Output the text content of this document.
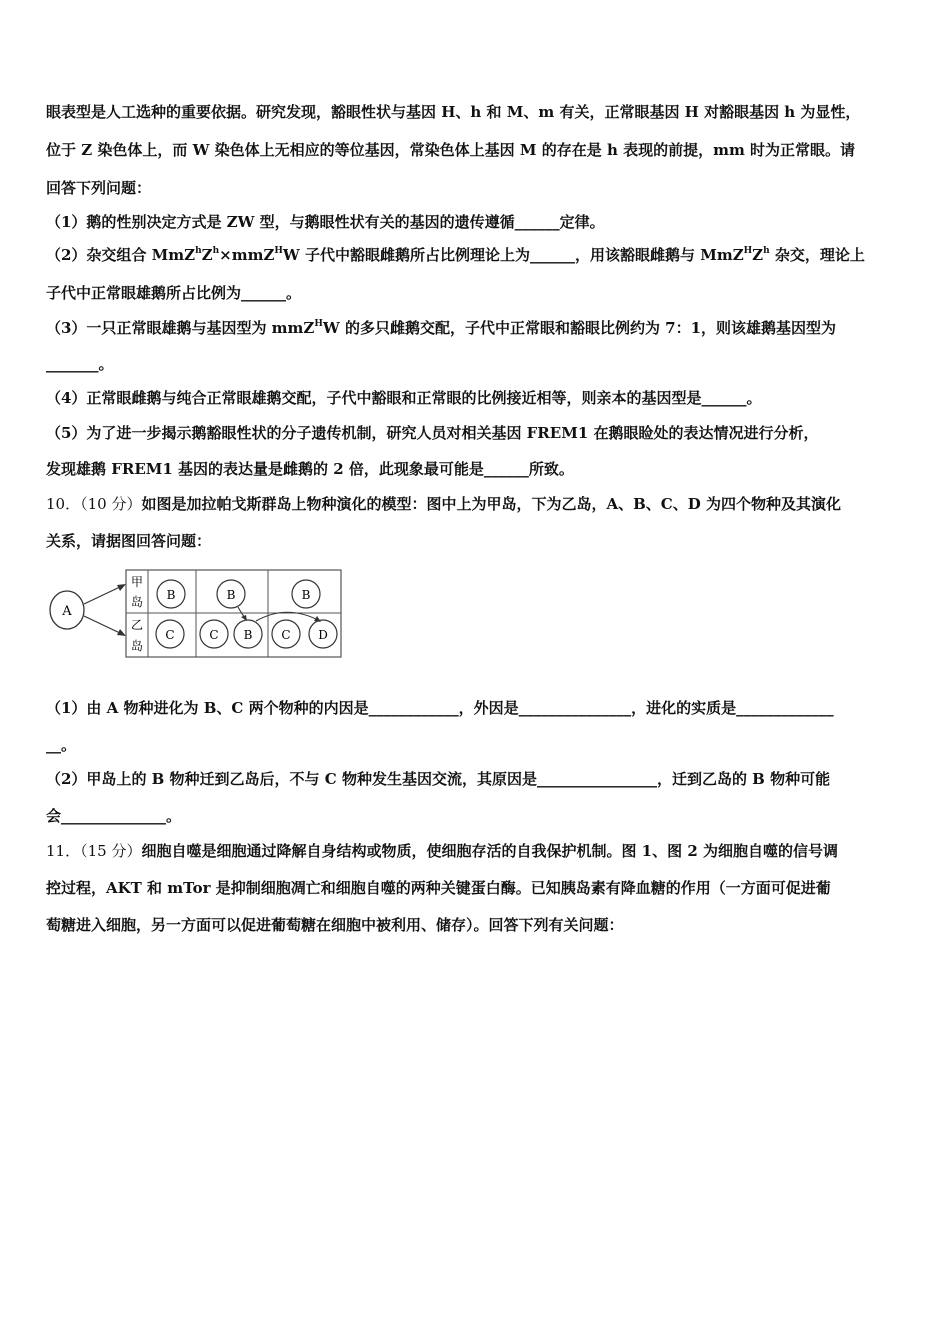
眼表型是人工选种的重要依据。研究发现，豁眼性状与基因 H、h 和 M、m 有关，正常眼基因 H 对豁眼基因 h 为显性，
位于 Z 染色体上，而 W 染色体上无相应的等位基因，常染色体上基因 M 的存在是 h 表现的前提，mm 时为正常眼。请
回答下列问题：
（1）鹅的性别决定方式是 ZW 型，与鹅眼性状有关的基因的遗传遵循______定律。
（2）杂交组合 $MmZ^hZ^h\times mmZ^HW$ 子代中豁眼雌鹅所占比例理论上为______，用该豁眼雌鹅与 $MmZ^HZ^h$ 杂交，理论上
子代中正常眼雄鹅所占比例为______。
（3）一只正常眼雄鹅与基因型为 mmZ$^H$W 的多只雌鹅交配，子代中正常眼和豁眼比例约为 7：1，则该雄鹅基因型为
_______。
（4）正常眼雌鹅与纯合正常眼雄鹅交配，子代中豁眼和正常眼的比例接近相等，则亲本的基因型是______。
（5）为了进一步揭示鹅豁眼性状的分子遗传机制，研究人员对相关基因 FREM1 在鹅眼睑处的表达情况进行分析，
发现雄鹅 FREM1 基因的表达量是雌鹅的 2 倍，此现象最可能是______所致。
10．（10 分）如图是加拉帕戈斯群岛上物种演化的模型：图中上为甲岛，下为乙岛，A、B、C、D 为四个物种及其演化
关系，请据图回答问题：
A
甲
岛
乙
岛
B	B	B
C	C B C D
（1）由 A 物种进化为 B、C 两个物种的内因是____________，外因是_______________，进化的实质是_____________
__。
（2）甲岛上的 B 物种迁到乙岛后，不与 C 物种发生基因交流，其原因是________________，迁到乙岛的 B 物种可能
会______________。
11．（15 分）细胞自噬是细胞通过降解自身结构或物质，使细胞存活的自我保护机制。图 1、图 2 为细胞自噬的信号调
控过程，AKT 和 mTor 是抑制细胞凋亡和细胞自噬的两种关键蛋白酶。已知胰岛素有降血糖的作用（一方面可促进葡
萄糖进入细胞，另一方面可以促进葡萄糖在细胞中被利用、储存）。回答下列有关问题：
